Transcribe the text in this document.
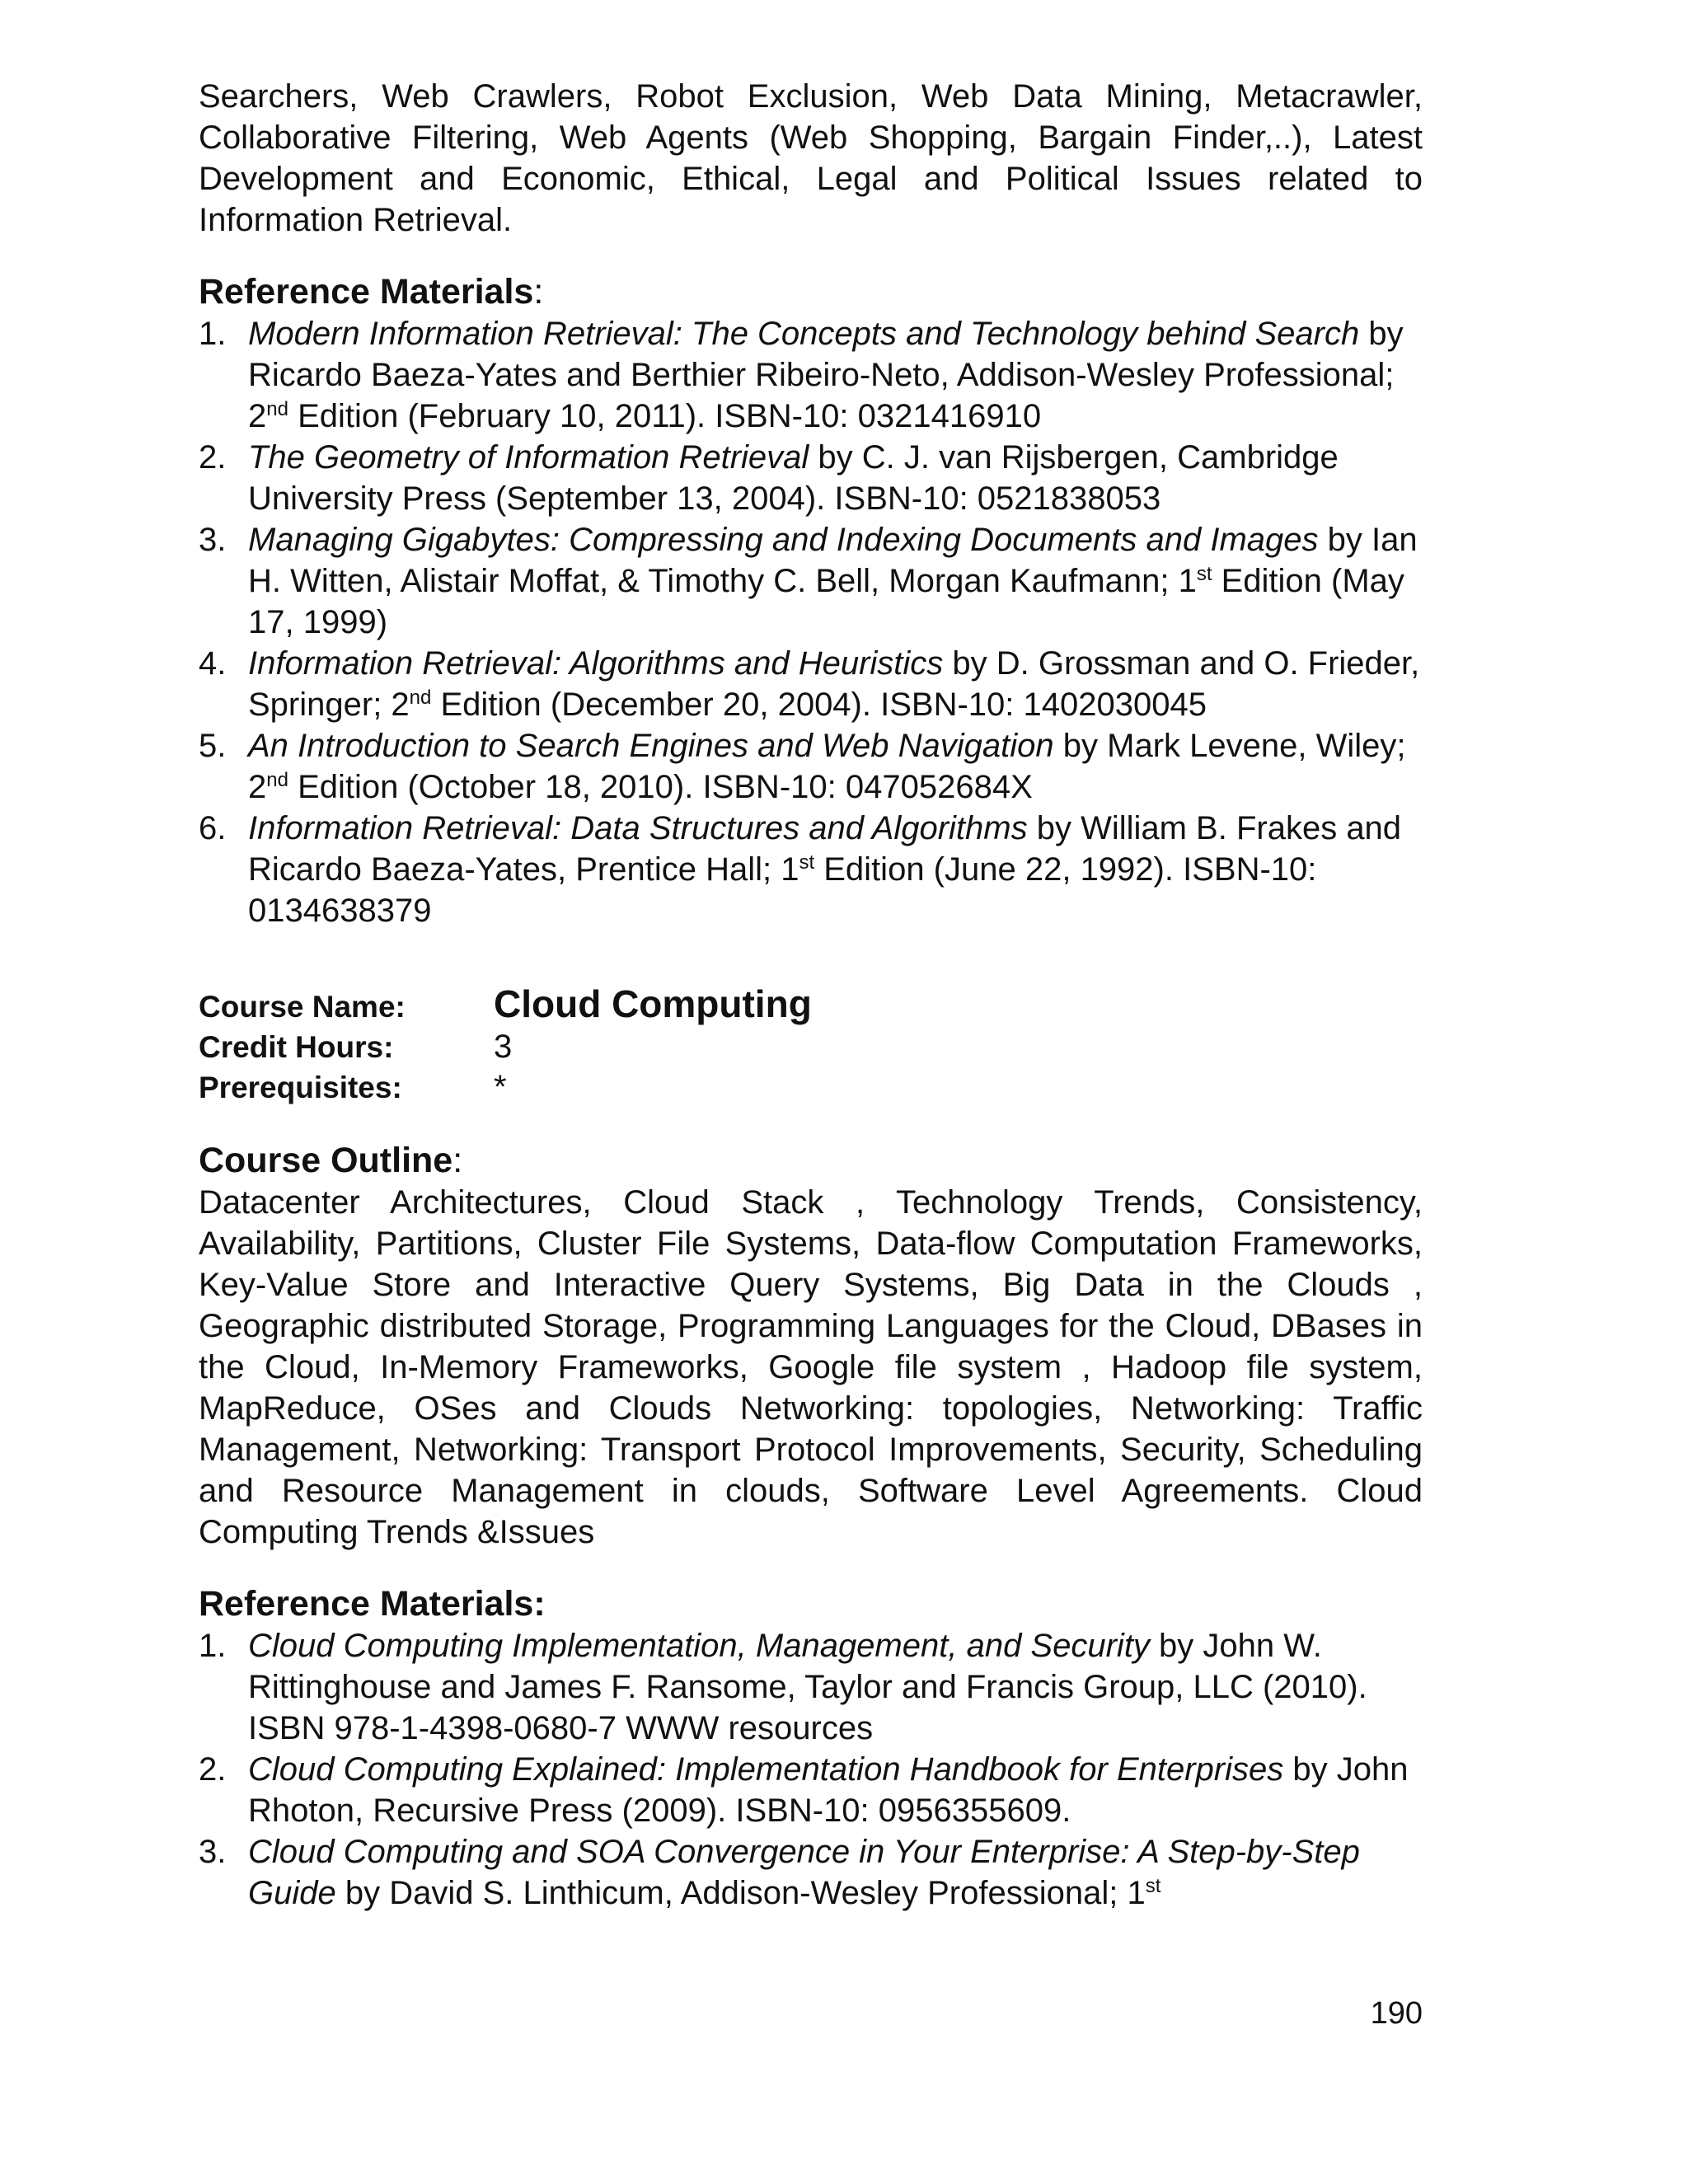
Searchers, Web Crawlers, Robot Exclusion, Web Data Mining, Metacrawler, Collaborative Filtering, Web Agents (Web Shopping, Bargain Finder,..), Latest Development and Economic, Ethical, Legal and Political Issues related to Information Retrieval.

Reference Materials:

1. Modern Information Retrieval: The Concepts and Technology behind Search by Ricardo Baeza-Yates and Berthier Ribeiro-Neto, Addison-Wesley Professional; 2nd Edition (February 10, 2011). ISBN-10: 0321416910
2. The Geometry of Information Retrieval by C. J. van Rijsbergen, Cambridge University Press (September 13, 2004). ISBN-10: 0521838053
3. Managing Gigabytes: Compressing and Indexing Documents and Images by Ian H. Witten, Alistair Moffat, & Timothy C. Bell, Morgan Kaufmann; 1st Edition (May 17, 1999)
4. Information Retrieval: Algorithms and Heuristics by D. Grossman and O. Frieder, Springer; 2nd Edition (December 20, 2004). ISBN-10: 1402030045
5. An Introduction to Search Engines and Web Navigation by Mark Levene, Wiley; 2nd Edition (October 18, 2010). ISBN-10: 047052684X
6. Information Retrieval: Data Structures and Algorithms by William B. Frakes and Ricardo Baeza-Yates, Prentice Hall; 1st Edition (June 22, 1992). ISBN-10: 0134638379
Course Name:	Cloud Computing
Credit Hours:	3
Prerequisites:	*

Course Outline:

Datacenter Architectures, Cloud Stack , Technology Trends, Consistency, Availability, Partitions, Cluster File Systems, Data-flow Computation Frameworks, Key-Value Store and Interactive Query Systems, Big Data in the Clouds , Geographic distributed Storage, Programming Languages for the Cloud, DBases in the Cloud, In-Memory Frameworks, Google file system , Hadoop file system, MapReduce, OSes and Clouds Networking: topologies, Networking: Traffic Management, Networking: Transport Protocol Improvements, Security, Scheduling and Resource Management in clouds, Software Level Agreements. Cloud Computing Trends &Issues

Reference Materials:

1. Cloud Computing Implementation, Management, and Security by John W. Rittinghouse and James F. Ransome, Taylor and Francis Group, LLC (2010). ISBN 978-1-4398-0680-7 WWW resources
2. Cloud Computing Explained: Implementation Handbook for Enterprises by John Rhoton, Recursive Press (2009). ISBN-10: 0956355609.
3. Cloud Computing and SOA Convergence in Your Enterprise: A Step-by-Step Guide by David S. Linthicum, Addison-Wesley Professional; 1st
190
